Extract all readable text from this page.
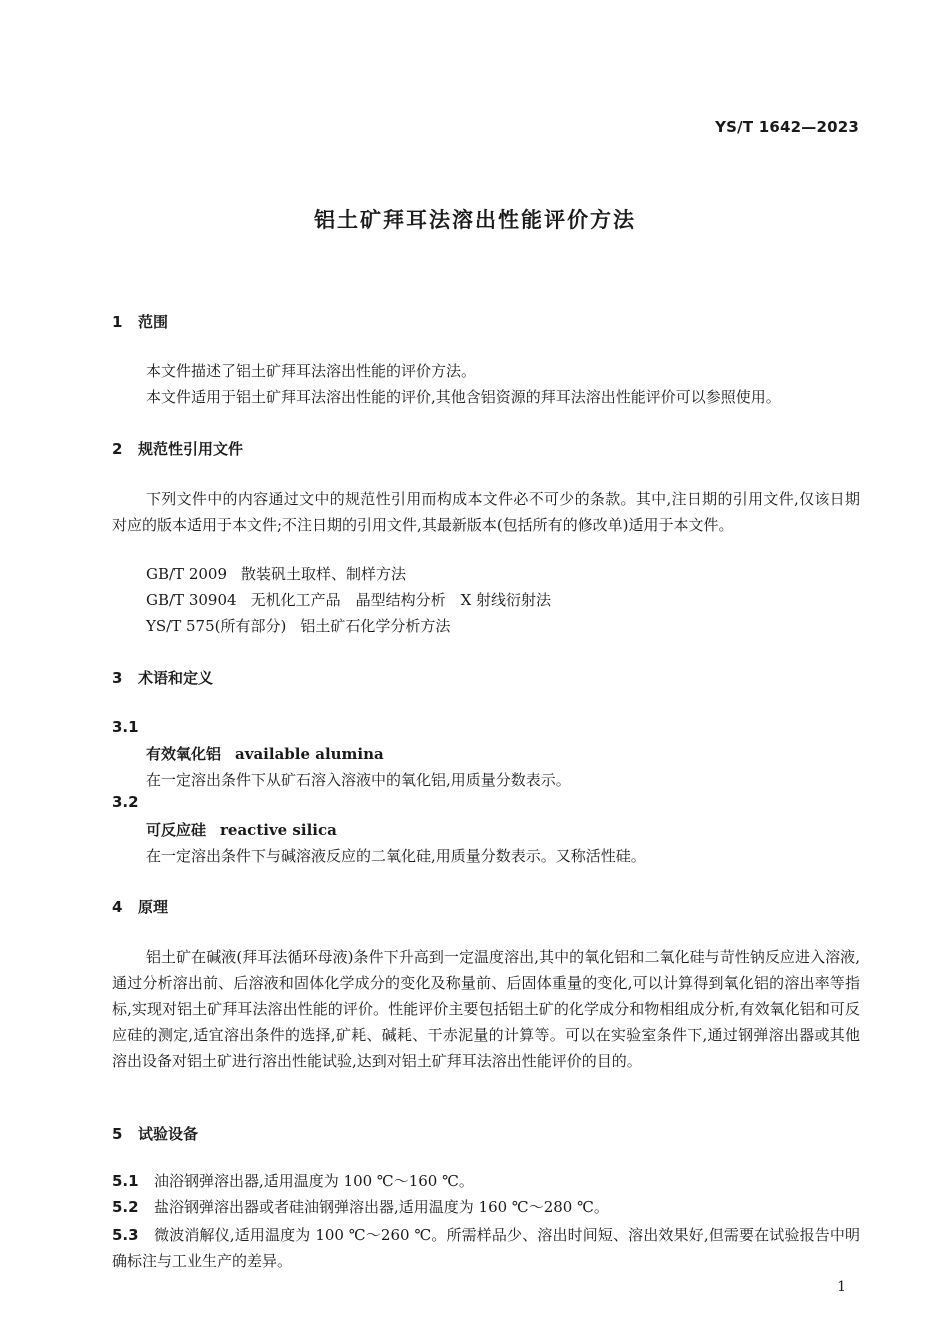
YS/T 1642—2023
铝土矿拜耳法溶出性能评价方法
1 范围

本文件描述了铝土矿拜耳法溶出性能的评价方法。

本文件适用于铝土矿拜耳法溶出性能的评价,其他含铝资源的拜耳法溶出性能评价可以参照使用。

2 规范性引用文件

下列文件中的内容通过文中的规范性引用而构成本文件必不可少的条款。其中,注日期的引用文件,仅该日期对应的版本适用于本文件;不注日期的引用文件,其最新版本(包括所有的修改单)适用于本文件。

GB/T 2009 散装矾土取样、制样方法
GB/T 30904 无机化工产品　晶型结构分析　X 射线衍射法
YS/T 575(所有部分) 铝土矿石化学分析方法
3 术语和定义
3.1
有效氧化铝 available alumina

在一定溶出条件下从矿石溶入溶液中的氧化铝,用质量分数表示。

3.2
可反应硅 reactive silica

在一定溶出条件下与碱溶液反应的二氧化硅,用质量分数表示。又称活性硅。

4 原理

铝土矿在碱液(拜耳法循环母液)条件下升高到一定温度溶出,其中的氧化铝和二氧化硅与苛性钠反应进入溶液,通过分析溶出前、后溶液和固体化学成分的变化及称量前、后固体重量的变化,可以计算得到氧化铝的溶出率等指标,实现对铝土矿拜耳法溶出性能的评价。性能评价主要包括铝土矿的化学成分和物相组成分析,有效氧化铝和可反应硅的测定,适宜溶出条件的选择,矿耗、碱耗、干赤泥量的计算等。可以在实验室条件下,通过钢弹溶出器或其他溶出设备对铝土矿进行溶出性能试验,达到对铝土矿拜耳法溶出性能评价的目的。

5 试验设备
5.1 油浴钢弹溶出器,适用温度为 100 ℃～160 ℃。
5.2 盐浴钢弹溶出器或者硅油钢弹溶出器,适用温度为 160 ℃～280 ℃。
5.3 微波消解仪,适用温度为 100 ℃～260 ℃。所需样品少、溶出时间短、溶出效果好,但需要在试验报告中明确标注与工业生产的差异。
1
